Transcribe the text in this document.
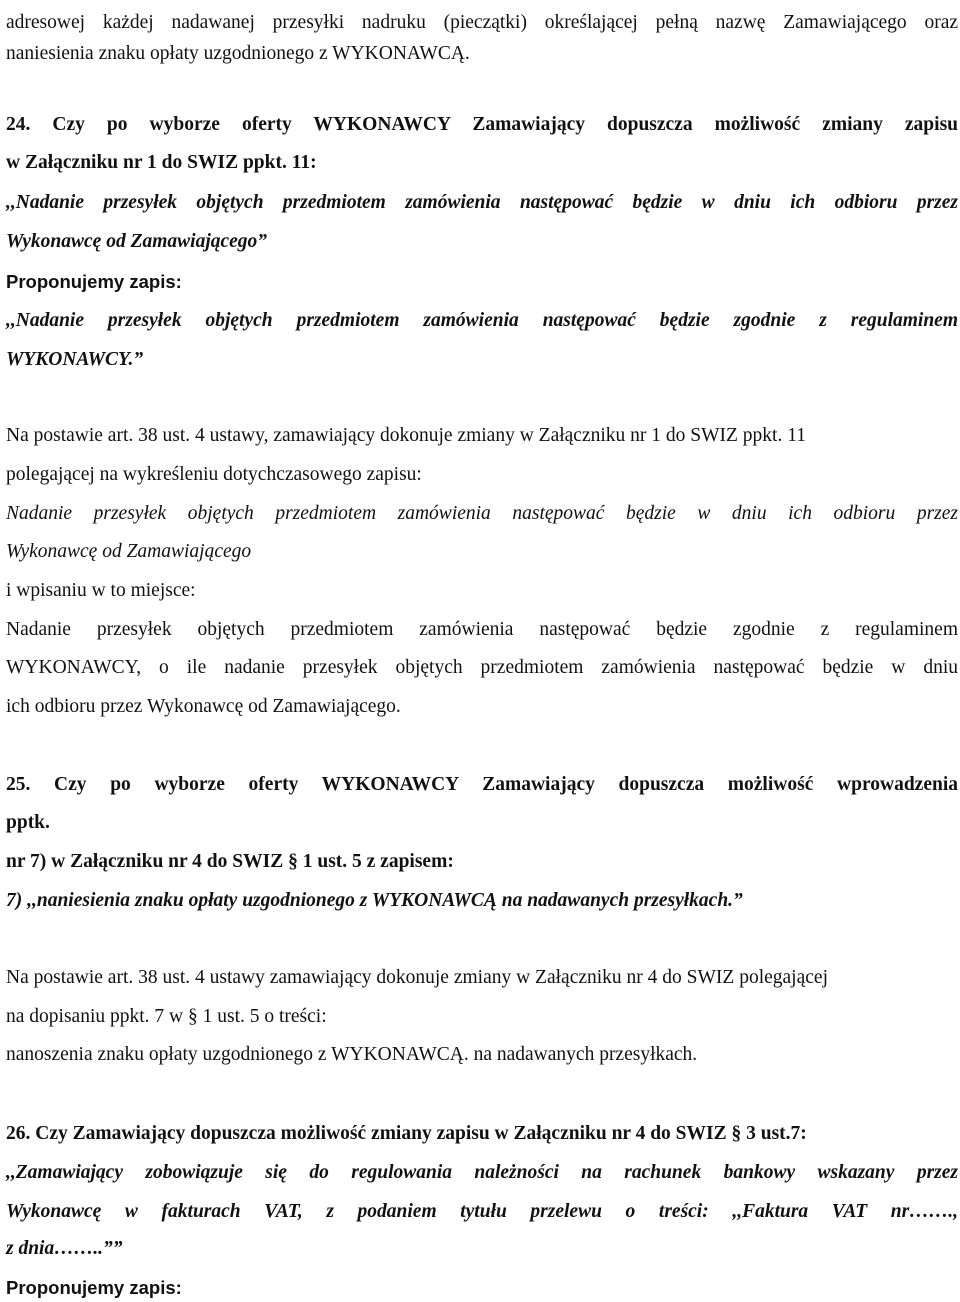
adresowej każdej nadawanej przesyłki nadruku (pieczątki) określającej pełną nazwę Zamawiającego oraz
naniesienia znaku opłaty uzgodnionego z WYKONAWCĄ.
24. Czy po wyborze oferty WYKONAWCY Zamawiający dopuszcza możliwość zmiany zapisu
w Załączniku nr 1 do SWIZ ppkt. 11:
,,Nadanie przesyłek objętych przedmiotem zamówienia następować będzie w dniu ich odbioru przez
Wykonawcę od Zamawiającego”
Proponujemy zapis:
,,Nadanie przesyłek objętych przedmiotem zamówienia następować będzie zgodnie z regulaminem
WYKONAWCY.”
Na postawie art. 38 ust. 4 ustawy, zamawiający dokonuje zmiany w Załączniku nr 1 do SWIZ ppkt. 11
polegającej na wykreśleniu dotychczasowego zapisu:
Nadanie przesyłek objętych przedmiotem zamówienia następować będzie w dniu ich odbioru przez
Wykonawcę od Zamawiającego
i wpisaniu w to miejsce:
Nadanie przesyłek objętych przedmiotem zamówienia następować będzie zgodnie z regulaminem
WYKONAWCY, o ile nadanie przesyłek objętych przedmiotem zamówienia następować będzie w dniu
ich odbioru przez Wykonawcę od Zamawiającego.
25. Czy po wyborze oferty WYKONAWCY Zamawiający dopuszcza możliwość wprowadzenia
pptk.
nr 7) w Załączniku nr 4 do SWIZ § 1 ust. 5 z zapisem:
7) ,,naniesienia znaku opłaty uzgodnionego z WYKONAWCĄ na nadawanych przesyłkach.”
Na postawie art. 38 ust. 4 ustawy zamawiający dokonuje zmiany w Załączniku nr 4 do SWIZ polegającej
na dopisaniu ppkt. 7 w § 1 ust. 5 o treści:
nanoszenia znaku opłaty uzgodnionego z WYKONAWCĄ. na nadawanych przesyłkach.
26. Czy Zamawiający dopuszcza możliwość zmiany zapisu w Załączniku nr 4 do SWIZ § 3 ust.7:
,,Zamawiający zobowiązuje się do regulowania należności na rachunek bankowy wskazany przez
Wykonawcę w fakturach VAT, z podaniem tytułu przelewu o treści: ,,Faktura VAT nr…….,
z dnia……..””
Proponujemy zapis:
